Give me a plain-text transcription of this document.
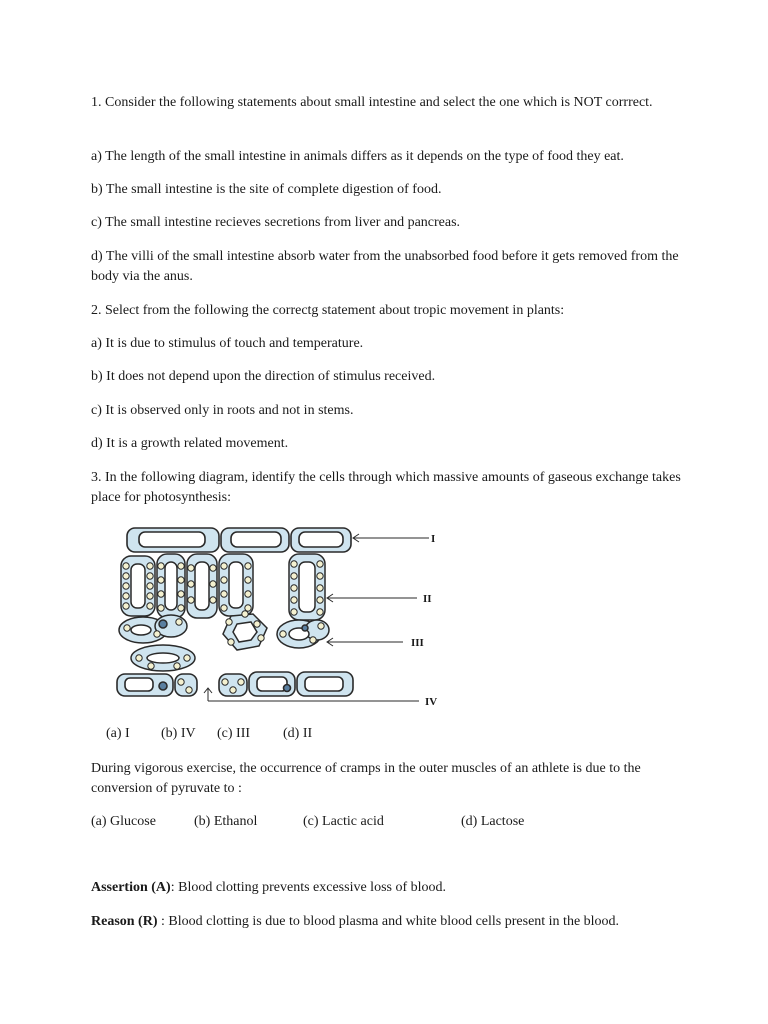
1. Consider the following statements about small intestine and select the one which is NOT corrrect.

a) The length of the small intestine in animals differs as it depends on the type of food they eat.

b) The small intestine is the site of complete digestion of food.

c) The small intestine recieves secretions from liver and pancreas.

d) The villi of the small intestine absorb water from the unabsorbed food before it gets removed from the body via the anus.

2. Select from the following the correctg statement about tropic movement in plants:

a) It is due to stimulus of touch and temperature.

b) It does not depend upon the direction of stimulus received.

c) It is observed only in roots and not in stems.

d) It is a growth related movement.

3. In the following diagram, identify the cells through which massive amounts of gaseous exchange takes place for photosynthesis:

I
II
III
IV
(a) I (b) IV (c) III (d) II

During vigorous exercise, the occurrence of cramps in the outer muscles of an athlete is due to the conversion of pyruvate to :

(a) Glucose	(b) Ethanol	(c) Lactic acid	(d) Lactose

Assertion (A): Blood clotting prevents excessive loss of blood.

Reason (R) : Blood clotting is due to blood plasma and white blood cells present in the blood.
